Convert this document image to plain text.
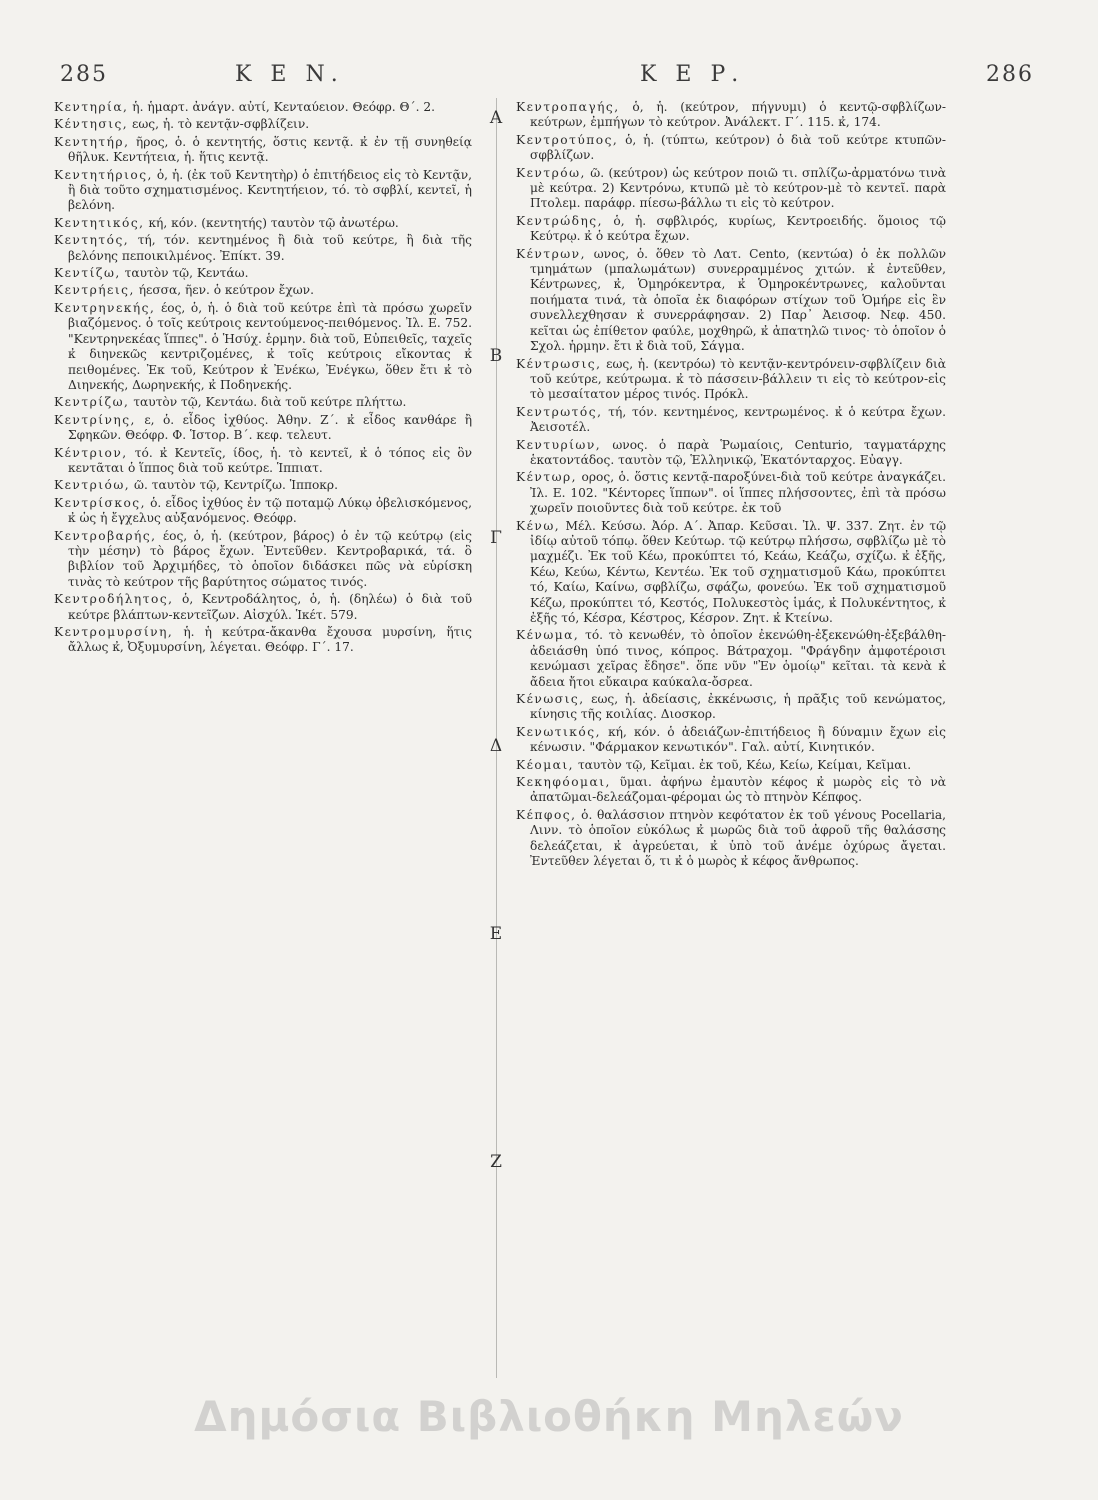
285	Κ Ε Ν.	Κ Ε Ρ.	286
Α
Β
Γ
Δ
Ε
Ζ

Κεντηρία, ἡ. ἡμαρτ. ἀνάγν. αὐτί, Κενταύειον. Θεόφρ. Θ΄. 2.

Κέντησις, εως, ἡ. τὸ κεντᾷν-σφβλίζειν.

Κεντητήρ, ῆρος, ὁ. ὁ κεντητής, ὅστις κεντᾷ. κ̓ ἐν τῇ συνηθείᾳ θῆλυκ. Κεντήτεια, ἡ. ἥτις κεντᾷ.

Κεντητήριος, ὁ, ἡ. (ἐκ τοῦ Κεντητὴρ) ὁ ἐπιτήδειος εἰς τὸ Κεντᾷν, ἢ διὰ τοῦτο σχηματισμένος. Κεντητήειον, τό. τὸ σφβλί, κεντεῖ, ἡ βελόνη.

Κεντητικός, κή, κόν. (κεντητής) ταυτὸν τῷ ἀνωτέρω.

Κεντητός, τή, τόν. κεντημένος ἢ διὰ τοῦ κεύτρε, ἢ διὰ τῆς βελόνης πεποικιλμένος. Ἐπίκτ. 39.

Κεντίζω, ταυτὸν τῷ, Κεντάω.

Κεντρήεις, ήεσσα, ῆεν. ὁ κεύτρον ἔχων.

Κεντρηνεκής, έος, ὁ, ἡ. ὁ διὰ τοῦ κεύτρε ἐπὶ τὰ πρόσω χωρεῖν βιαζόμενος. ὁ τοῖς κεύτροις κεντούμενος-πειθόμενος. Ἰλ. Ε. 752. "Κεντρηνεκέας ἵππες". ὁ Ἡσύχ. ἑρμην. διὰ τοῦ, Εὐπειθεῖς, ταχεῖς κ̓ διηνεκῶς κεντριζομένες, κ̓ τοῖς κεύτροις εἴκοντας κ̓ πειθομένες. Ἐκ τοῦ, Κεύτρον κ̓ Ἐνέκω, Ἐνέγκω, ὅθεν ἔτι κ̓ τὸ Διηνεκής, Δωρηνεκής, κ̓ Ποδηνεκής.

Κεντρίζω, ταυτὸν τῷ, Κεντάω. διὰ τοῦ κεύτρε πλήττω.

Κεντρίνης, ε, ὁ. εἶδος ἰχθύος. Ἀθην. Ζ΄. κ̓ εἶδος κανθάρε ἢ Σφηκῶν. Θεόφρ. Φ. Ἱστορ. Β΄. κεφ. τελευτ.

Κέντριον, τό. κ̓ Κεντεῖς, ίδος, ἡ. τὸ κεντεῖ, κ̓ ὁ τόπος εἰς ὃν κεντᾶται ὁ ἵππος διὰ τοῦ κεύτρε. Ἱππιατ.

Κεντριόω, ῶ. ταυτὸν τῷ, Κεντρίζω. Ἱπποκρ.

Κεντρίσκος, ὁ. εἶδος ἰχθύος ἐν τῷ ποταμῷ Λύκῳ ὀβελισκόμενος, κ̓ ὡς ἡ ἔγχελυς αὐξανόμενος. Θεόφρ.

Κεντροβαρής, έος, ὁ, ἡ. (κεύτρον, βάρος) ὁ ἐν τῷ κεύτρῳ (εἰς τὴν μέσην) τὸ βάρος ἔχων. Ἐντεῦθεν. Κεντροβαρικά, τά. ὃ βιβλίον τοῦ Ἀρχιμήδες, τὸ ὁποῖον διδάσκει πῶς νὰ εὑρίσκη τινὰς τὸ κεύτρον τῆς βαρύτητος σώματος τινός.

Κεντροδήλητος, ὁ, Κεντροδάλητος, ὁ, ἡ. (δηλέω) ὁ διὰ τοῦ κεύτρε βλάπτων-κεντεῖζων. Αἰσχύλ. Ἱκέτ. 579.

Κεντρομυρσίνη, ἡ. ἡ κεύτρα-ἄκανθα ἔχουσα μυρσίνη, ἥτις ἄλλως κ̓, Ὀξυμυρσίνη, λέγεται. Θεόφρ. Γ΄. 17.

Κεντροπαγής, ὁ, ἡ. (κεύτρον, πήγνυμι) ὁ κεντῷ-σφβλίζων-κεύτρων, ἐμπήγων τὸ κεύτρον. Ἀνάλεκτ. Γ΄. 115. κ̓, 174.

Κεντροτύπος, ὁ, ἡ. (τύπτω, κεύτρον) ὁ διὰ τοῦ κεύτρε κτυπῶν-σφβλίζων.

Κεντρόω, ῶ. (κεύτρον) ὡς κεύτρον ποιῶ τι. σπλίζω-ἀρματόνω τινὰ μὲ κεύτρα. 2) Κεντρόνω, κτυπῶ μὲ τὸ κεύτρον-μὲ τὸ κεντεῖ. παρὰ Πτολεμ. παράφρ. πίεσω-βάλλω τι εἰς τὸ κεύτρον.

Κεντρώδης, ὁ, ἡ. σφβλιρός, κυρίως, Κεντροειδής. ὅμοιος τῷ Κεύτρῳ. κ̓ ὁ κεύτρα ἔχων.

Κέντρων, ωνος, ὁ. ὅθεν τὸ Λατ. Cento, (κεντώα) ὁ ἐκ πολλῶν τμημάτων (μπαλωμάτων) συνερραμμένος χιτών. κ̓ ἐντεῦθεν, Κέντρωνες, κ̓, Ὁμηρόκεντρα, κ̓ Ὁμηροκέντρωνες, καλοῦνται ποιήματα τινά, τὰ ὁποῖα ἐκ διαφόρων στίχων τοῦ Ὁμήρε εἰς ἓν συνελλεχθησαν κ̓ συνερράφησαν. 2) Παρ᾽ Ἀεισοφ. Νεφ. 450. κεῖται ὡς ἐπίθετον φαύλε, μοχθηρῶ, κ̓ ἀπατηλῶ τινος· τὸ ὁποῖον ὁ Σχολ. ἡρμην. ἔτι κ̓ διὰ τοῦ, Σάγμα.

Κέντρωσις, εως, ἡ. (κεντρόω) τὸ κεντᾷν-κεντρόνειν-σφβλίζειν διὰ τοῦ κεύτρε, κεύτρωμα. κ̓ τὸ πάσσειν-βάλλειν τι εἰς τὸ κεύτρον-εἰς τὸ μεσαίτατον μέρος τινός. Πρόκλ.

Κεντρωτός, τή, τόν. κεντημένος, κεντρωμένος. κ̓ ὁ κεύτρα ἔχων. Ἀεισοτέλ.

Κεντυρίων, ωνος. ὁ παρὰ Ῥωμαίοις, Centurio, ταγματάρχης ἑκατοντάδος. ταυτὸν τῷ, Ἑλληνικῷ, Ἑκατόνταρχος. Εὐαγγ.

Κέντωρ, ορος, ὁ. ὅστις κεντᾷ-παροξύνει-διὰ τοῦ κεύτρε ἀναγκάζει. Ἰλ. Ε. 102. "Κέντορες ἵππων". οἱ ἵππες πλήσσοντες, ἐπὶ τὰ πρόσω χωρεῖν ποιοῦντες διὰ τοῦ κεύτρε. ἐκ τοῦ

Κένω, Μέλ. Κεύσω. Ἀόρ. Α΄. Ἀπαρ. Κεῦσαι. Ἰλ. Ψ. 337. Ζητ. ἐν τῷ ἰδίῳ αὐτοῦ τόπῳ. ὅθεν Κεύτωρ. τῷ κεύτρῳ πλήσσω, σφβλίζω μὲ τὸ μαχμέζι. Ἐκ τοῦ Κέω, προκύπτει τό, Κεάω, Κεάζω, σχίζω. κ̓ ἐξῆς, Κέω, Κεύω, Κέντω, Κεντέω. Ἐκ τοῦ σχηματισμοῦ Κάω, προκύπτει τό, Καίω, Καίνω, σφβλίζω, σφάζω, φονεύω. Ἐκ τοῦ σχηματισμοῦ Κέζω, προκύπτει τό, Κεστός, Πολυκεστὸς ἱμάς, κ̓ Πολυκέντητος, κ̓ ἐξῆς τό, Κέσρα, Κέστρος, Κέσρον. Ζητ. κ̓ Κτείνω.

Κένωμα, τό. τὸ κενωθέν, τὸ ὁποῖον ἐκενώθη-ἐξεκενώθη-ἐξεβάλθη-ἀδειάσθη ὑπό τινος, κόπρος. Βάτραχομ. "Φράγδην ἀμφοτέροισι κενώμασι χεῖρας ἔδησε". ὅπε νῦν "Ἐν ὁμοίῳ" κεῖται. τὰ κενὰ κ̓ ἄδεια ἤτοι εὔκαιρα καύκαλα-ὄσρεα.

Κένωσις, εως, ἡ. ἀδείασις, ἐκκένωσις, ἡ πρᾶξις τοῦ κενώματος, κίνησις τῆς κοιλίας. Διοσκορ.

Κενωτικός, κή, κόν. ὁ ἀδειάζων-ἐπιτήδειος ἢ δύναμιν ἔχων εἰς κένωσιν. "Φάρμακον κενωτικόν". Γαλ. αὐτί, Κινητικόν.

Κέομαι, ταυτὸν τῷ, Κεῖμαι. ἐκ τοῦ, Κέω, Κείω, Κείμαι, Κεῖμαι.

Κεκηφόομαι, ῦμαι. ἀφήνω ἐμαυτὸν κέφος κ̓ μωρὸς εἰς τὸ νὰ ἀπατῶμαι-δελεάζομαι-φέρομαι ὡς τὸ πτηνὸν Κέπφος.

Κέπφος, ὁ. θαλάσσιον πτηνὸν κεφότατον ἐκ τοῦ γένους Pocellaria, Λινν. τὸ ὁποῖον εὐκόλως κ̓ μωρῶς διὰ τοῦ ἀφροῦ τῆς θαλάσσης δελεάζεται, κ̓ ἀγρεύεται, κ̓ ὑπὸ τοῦ ἀνέμε ὀχύρως ἄγεται. Ἐντεῦθεν λέγεται ὅ, τι κ̓ ὁ μωρὸς κ̓ κέφος ἄνθρωπος.

Δημόσια Βιβλιοθήκη Μηλεών
